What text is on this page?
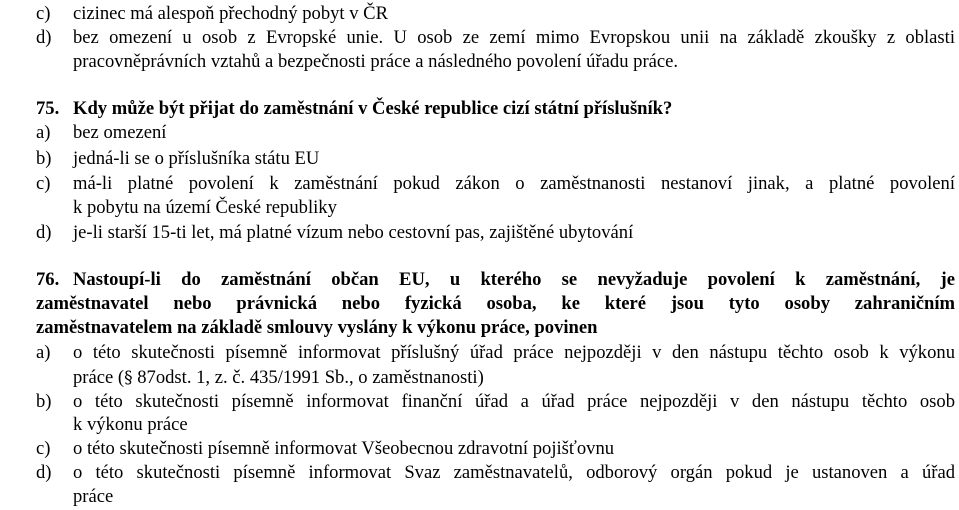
c) cizinec má alespoň přechodný pobyt v ČR
d) bez omezení u osob z Evropské unie. U osob ze zemí mimo Evropskou unii na základě zkoušky z oblasti
pracovněprávních vztahů a bezpečnosti práce a následného povolení úřadu práce.
75. Kdy může být přijat do zaměstnání v České republice cizí státní příslušník?
a) bez omezení
b) jedná-li se o příslušníka státu EU
c) má-li platné povolení k zaměstnání pokud zákon o zaměstnanosti nestanoví jinak, a platné povolení
k pobytu na území České republiky
d) je-li starší 15-ti let, má platné vízum nebo cestovní pas, zajištěné ubytování
76. Nastoupí-li do zaměstnání občan EU, u kterého se nevyžaduje povolení k zaměstnání, je
zaměstnavatel nebo právnická nebo fyzická osoba, ke které jsou tyto osoby zahraničním
zaměstnavatelem na základě smlouvy vyslány k výkonu práce, povinen
a) o této skutečnosti písemně informovat příslušný úřad práce nejpozději v den nástupu těchto osob k výkonu
práce (§ 87odst. 1, z. č. 435/1991 Sb., o zaměstnanosti)
b) o této skutečnosti písemně informovat finanční úřad a úřad práce nejpozději v den nástupu těchto osob
k výkonu práce
c) o této skutečnosti písemně informovat Všeobecnou zdravotní pojišťovnu
d) o této skutečnosti písemně informovat Svaz zaměstnavatelů, odborový orgán pokud je ustanoven a úřad
práce
